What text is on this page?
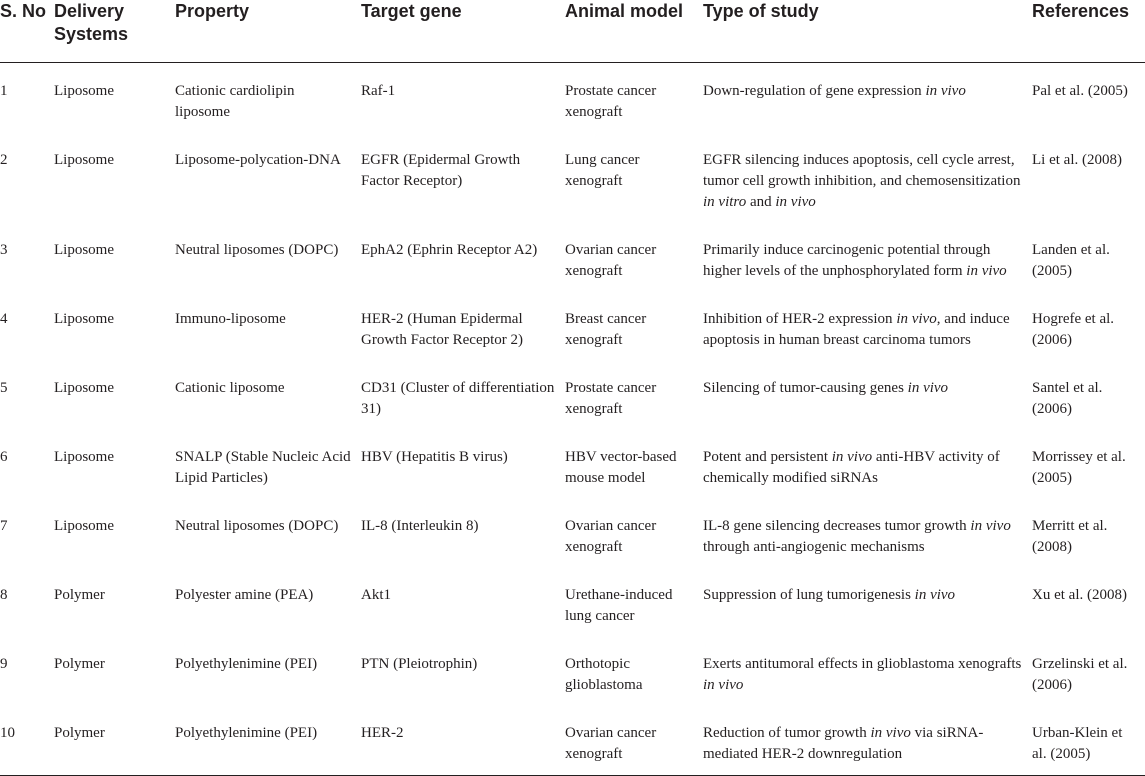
S. No	Delivery Systems	Property	Target gene	Animal model	Type of study	References
1	Liposome	Cationic cardiolipin liposome	Raf-1	Prostate cancer xenograft	Down-regulation of gene expression in vivo	Pal et al. (2005)
2	Liposome	Liposome-polycation-DNA	EGFR (Epidermal Growth Factor Receptor)	Lung cancer xenograft	EGFR silencing induces apoptosis, cell cycle arrest, tumor cell growth inhibition, and chemosensitization in vitro and in vivo	Li et al. (2008)
3	Liposome	Neutral liposomes (DOPC)	EphA2 (Ephrin Receptor A2)	Ovarian cancer xenograft	Primarily induce carcinogenic potential through higher levels of the unphosphorylated form in vivo	Landen et al. (2005)
4	Liposome	Immuno-liposome	HER-2 (Human Epidermal Growth Factor Receptor 2)	Breast cancer xenograft	Inhibition of HER-2 expression in vivo, and induce apoptosis in human breast carcinoma tumors	Hogrefe et al. (2006)
5	Liposome	Cationic liposome	CD31 (Cluster of differentiation 31)	Prostate cancer xenograft	Silencing of tumor-causing genes in vivo	Santel et al. (2006)
6	Liposome	SNALP (Stable Nucleic Acid Lipid Particles)	HBV (Hepatitis B virus)	HBV vector-based mouse model	Potent and persistent in vivo anti-HBV activity of chemically modified siRNAs	Morrissey et al. (2005)
7	Liposome	Neutral liposomes (DOPC)	IL-8 (Interleukin 8)	Ovarian cancer xenograft	IL-8 gene silencing decreases tumor growth in vivo through anti-angiogenic mechanisms	Merritt et al. (2008)
8	Polymer	Polyester amine (PEA)	Akt1	Urethane-induced lung cancer	Suppression of lung tumorigenesis in vivo	Xu et al. (2008)
9	Polymer	Polyethylenimine (PEI)	PTN (Pleiotrophin)	Orthotopic glioblastoma	Exerts antitumoral effects in glioblastoma xenografts in vivo	Grzelinski et al. (2006)
10	Polymer	Polyethylenimine (PEI)	HER-2	Ovarian cancer xenograft	Reduction of tumor growth in vivo via siRNA-mediated HER-2 downregulation	Urban-Klein et al. (2005)
